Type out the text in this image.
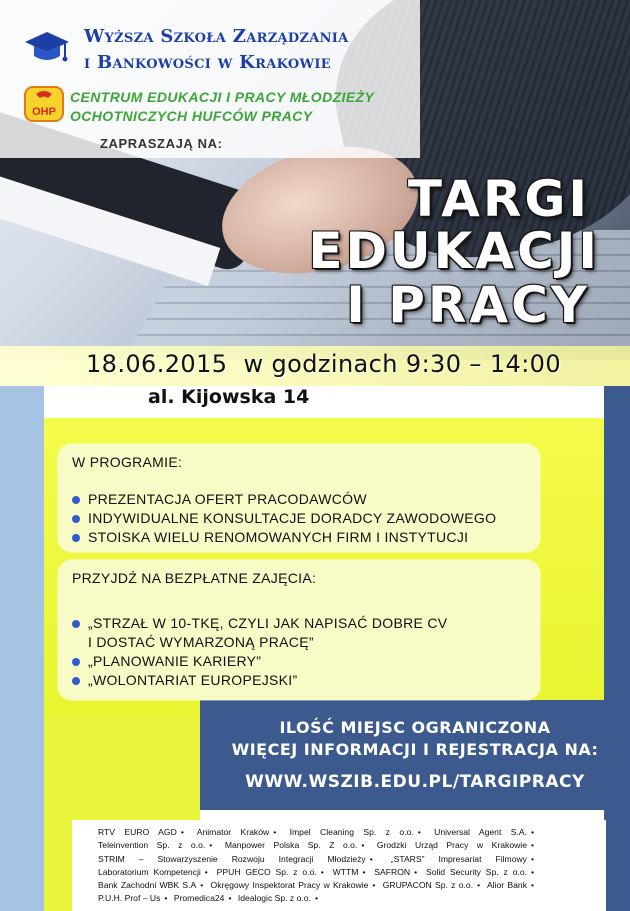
Wyższa Szkoła Zarządzania
i Bankowości w Krakowie
OHP
CENTRUM EDUKACJI I PRACY MŁODZIEŻY
OCHOTNICZYCH HUFCÓW PRACY
ZAPRASZAJĄ NA:
TARGI
EDUKACJI
I PRACY
18.06.2015  w godzinach 9:30 – 14:00
al. Kijowska 14
W PROGRAMIE:
PREZENTACJA OFERT PRACODAWCÓW
INDYWIDUALNE KONSULTACJE DORADCY ZAWODOWEGO
STOISKA WIELU RENOMOWANYCH FIRM I INSTYTUCJI
PRZYJDŹ NA BEZPŁATNE ZAJĘCIA:
„STRZAŁ W 10-TKĘ, CZYLI JAK NAPISAĆ DOBRE CV
I DOSTAĆ WYMARZONĄ PRACĘ”
„PLANOWANIE KARIERY”
„WOLONTARIAT EUROPEJSKI”
ILOŚĆ MIEJSC OGRANICZONA
WIĘCEJ INFORMACJI I REJESTRACJA NA:
WWW.WSZIB.EDU.PL/TARGIPRACY
RTV EURO AGD • Animator Kraków • Impel Cleaning Sp. z o.o. • Universal Agent S.A. • Teleinvention Sp. z o.o. • Manpower Polska Sp. Z o.o. • Grodzki Urząd Pracy w Krakowie • STRIM – Stowarzyszenie Rozwoju Integracji Młodzieży • „STARS” Impresariat Filmowy • Laboratorium Kompetencji • PPUH GECO Sp. z o.o. • WTTM • SAFRON • Solid Security Sp. z o.o. • Bank Zachodni WBK S.A • Okręgowy Inspektorat Pracy w Krakowie • GRUPACON Sp. z o.o. • Alior Bank • P.U.H. Prof – Us • Promedica24 • Idealogic Sp. z o.o. •
